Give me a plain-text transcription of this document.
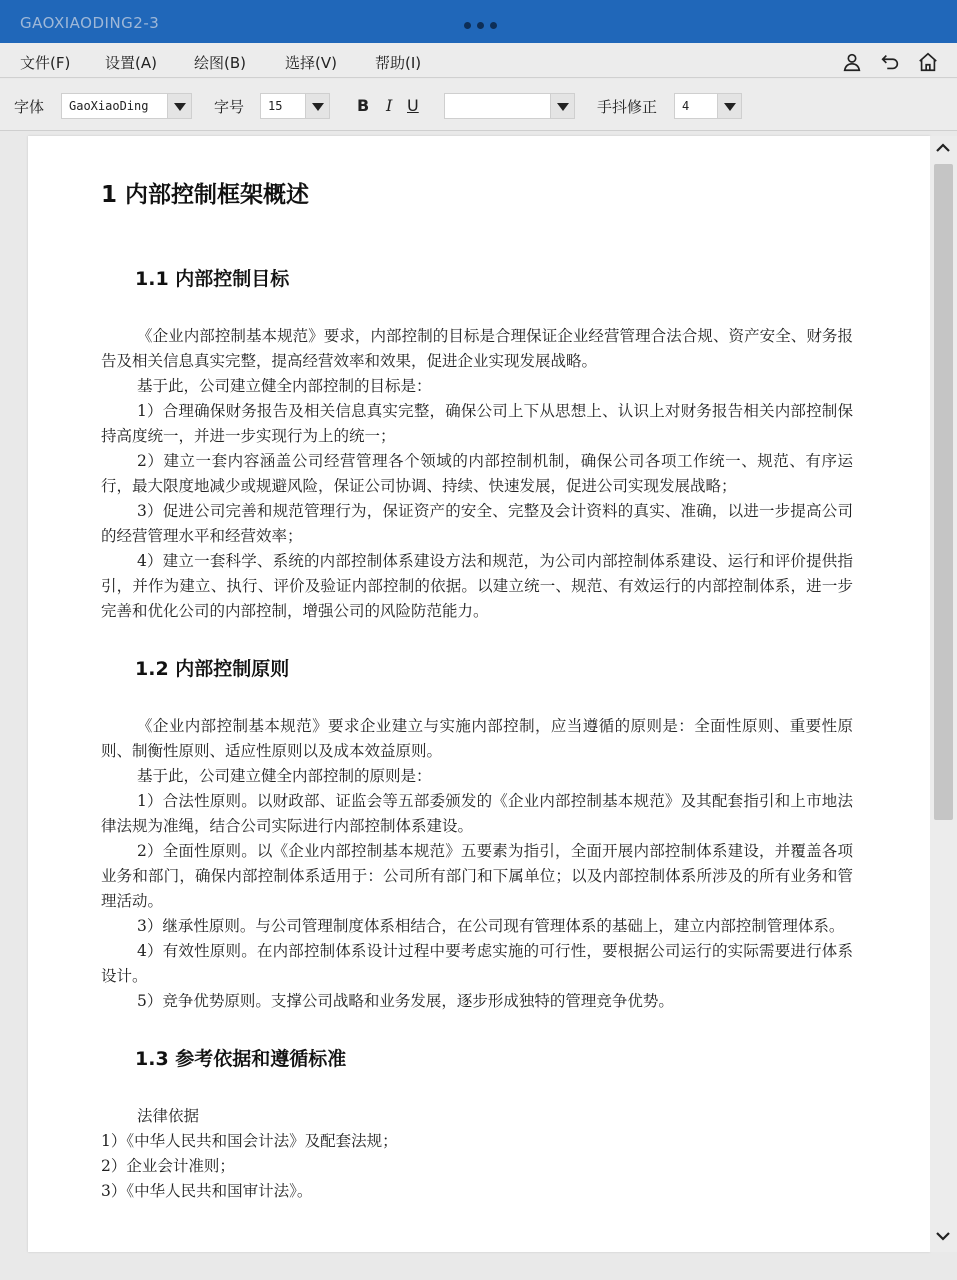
GAOXIAODING2-3
文件(F) 设置(A) 绘图(B)	选择(V)	帮助(I)
字体 GaoXiaoDing	字号 15	B I U	手抖修正 4
1 内部控制框架概述
1.1 内部控制目标

《企业内部控制基本规范》要求，内部控制的目标是合理保证企业经营管理合法合规、资产安全、财务报告及相关信息真实完整，提高经营效率和效果，促进企业实现发展战略。

基于此，公司建立健全内部控制的目标是：

1）合理确保财务报告及相关信息真实完整，确保公司上下从思想上、认识上对财务报告相关内部控制保持高度统一，并进一步实现行为上的统一；

2）建立一套内容涵盖公司经营管理各个领域的内部控制机制，确保公司各项工作统一、规范、有序运行，最大限度地减少或规避风险，保证公司协调、持续、快速发展，促进公司实现发展战略；

3）促进公司完善和规范管理行为，保证资产的安全、完整及会计资料的真实、准确，以进一步提高公司的经营管理水平和经营效率；

4）建立一套科学、系统的内部控制体系建设方法和规范，为公司内部控制体系建设、运行和评价提供指引，并作为建立、执行、评价及验证内部控制的依据。以建立统一、规范、有效运行的内部控制体系，进一步完善和优化公司的内部控制，增强公司的风险防范能力。

1.2 内部控制原则

《企业内部控制基本规范》要求企业建立与实施内部控制，应当遵循的原则是：全面性原则、重要性原则、制衡性原则、适应性原则以及成本效益原则。

基于此，公司建立健全内部控制的原则是：

1）合法性原则。以财政部、证监会等五部委颁发的《企业内部控制基本规范》及其配套指引和上市地法律法规为准绳，结合公司实际进行内部控制体系建设。

2）全面性原则。以《企业内部控制基本规范》五要素为指引，全面开展内部控制体系建设，并覆盖各项业务和部门，确保内部控制体系适用于：公司所有部门和下属单位；以及内部控制体系所涉及的所有业务和管理活动。

3）继承性原则。与公司管理制度体系相结合，在公司现有管理体系的基础上，建立内部控制管理体系。

4）有效性原则。在内部控制体系设计过程中要考虑实施的可行性，要根据公司运行的实际需要进行体系设计。

5）竞争优势原则。支撑公司战略和业务发展，逐步形成独特的管理竞争优势。

1.3 参考依据和遵循标准

法律依据

1）《中华人民共和国会计法》及配套法规；

2）企业会计准则；

3）《中华人民共和国审计法》。
